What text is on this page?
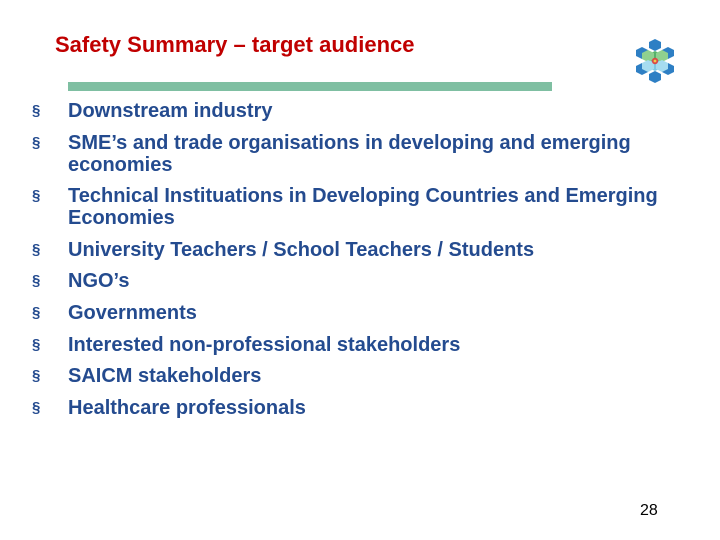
Safety Summary – target audience
§ Downstream industry
§ SME’s and trade organisations in developing and emerging economies
§ Technical Instituations in Developing Countries and Emerging Economies
§ University Teachers / School Teachers / Students
§ NGO’s
§ Governments
§ Interested non-professional stakeholders
§ SAICM stakeholders
§ Healthcare professionals
28
